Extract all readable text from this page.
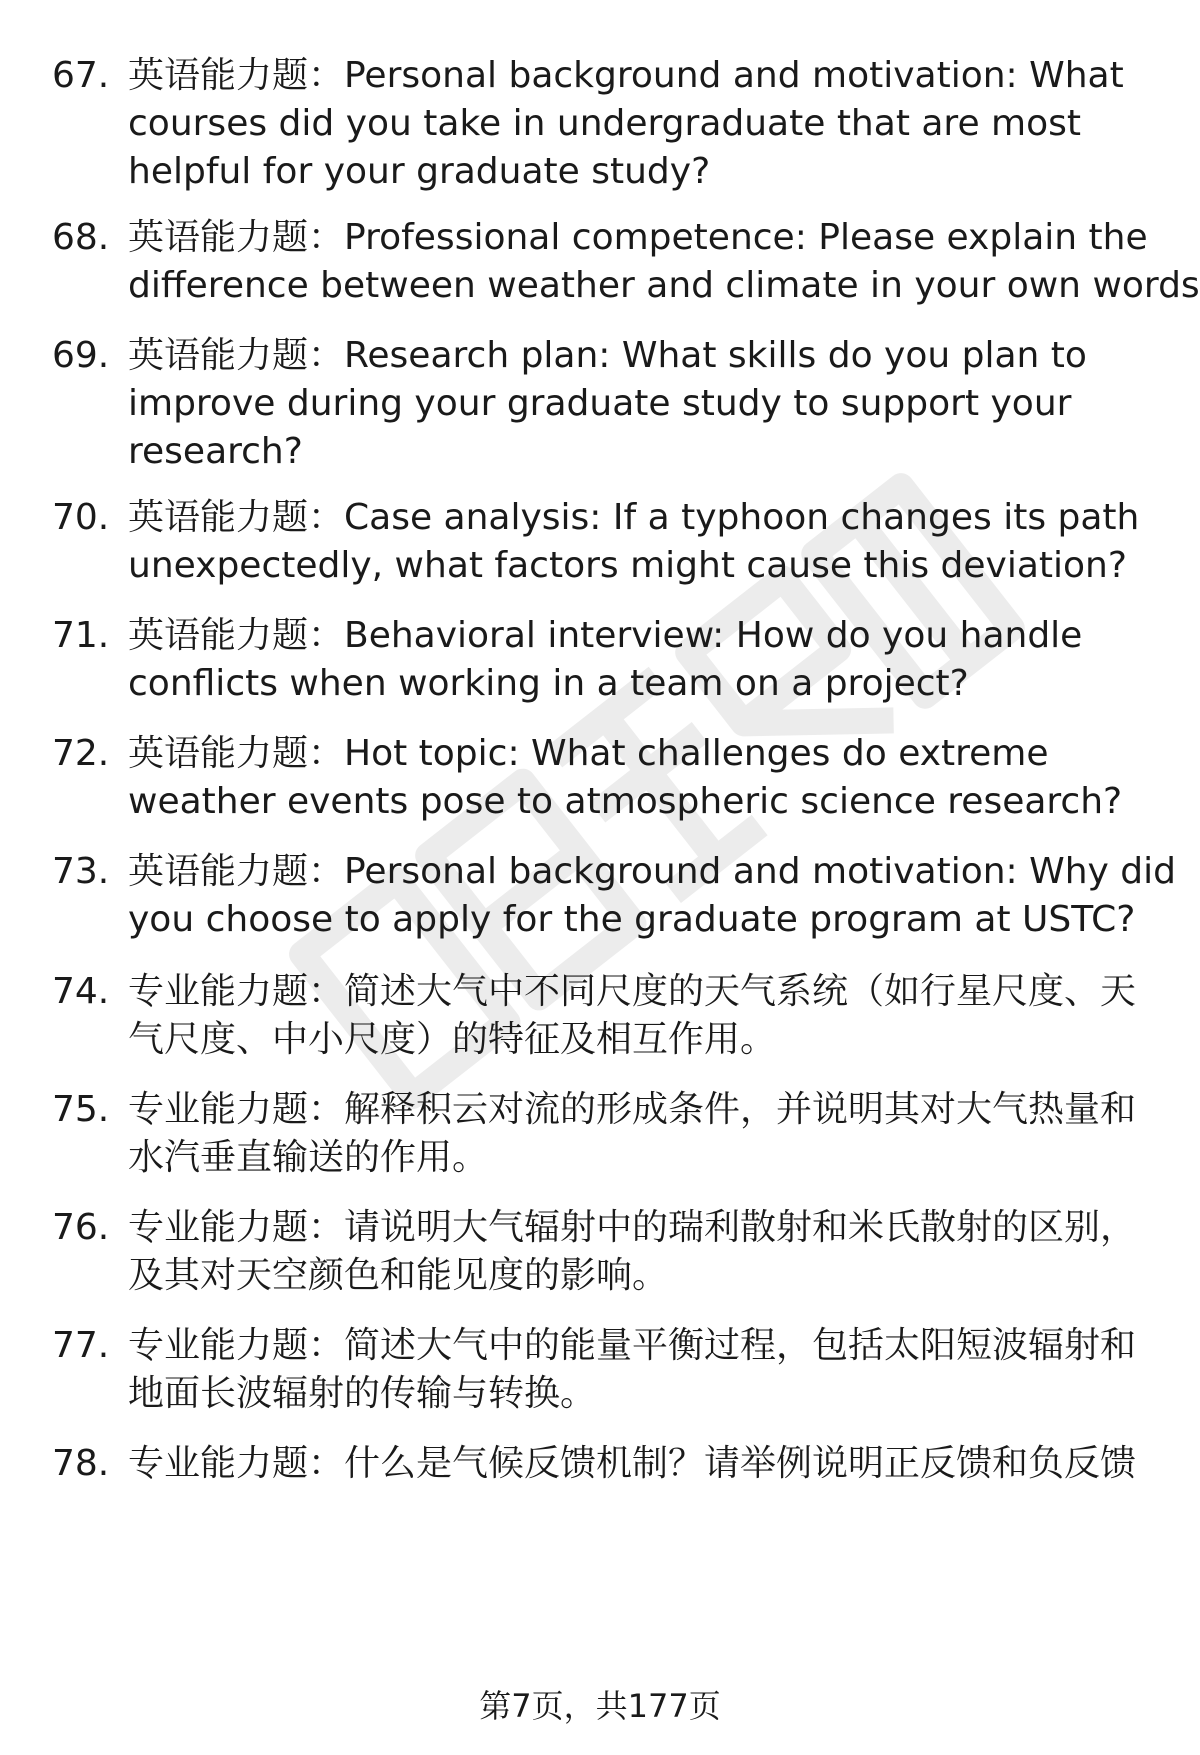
67. 英语能力题：Personal background and motivation: What
courses did you take in undergraduate that are most
helpful for your graduate study?

68. 英语能力题：Professional competence: Please explain the
difference between weather and climate in your own words

69. 英语能力题：Research plan: What skills do you plan to
improve during your graduate study to support your
research?

70. 英语能力题：Case analysis: If a typhoon changes its path
unexpectedly, what factors might cause this deviation?

71. 英语能力题：Behavioral interview: How do you handle
conflicts when working in a team on a project?

72. 英语能力题：Hot topic: What challenges do extreme
weather events pose to atmospheric science research?

73. 英语能力题：Personal background and motivation: Why did
you choose to apply for the graduate program at USTC?

74. 专业能力题：简述大气中不同尺度的天气系统（如行星尺度、天
气尺度、中小尺度）的特征及相互作用。

75. 专业能力题：解释积云对流的形成条件，并说明其对大气热量和
水汽垂直输送的作用。

76. 专业能力题：请说明大气辐射中的瑞利散射和米氏散射的区别，
及其对天空颜色和能见度的影响。

77. 专业能力题：简述大气中的能量平衡过程，包括太阳短波辐射和
地面长波辐射的传输与转换。

78. 专业能力题：什么是气候反馈机制？请举例说明正反馈和负反馈

第7页，共177页
